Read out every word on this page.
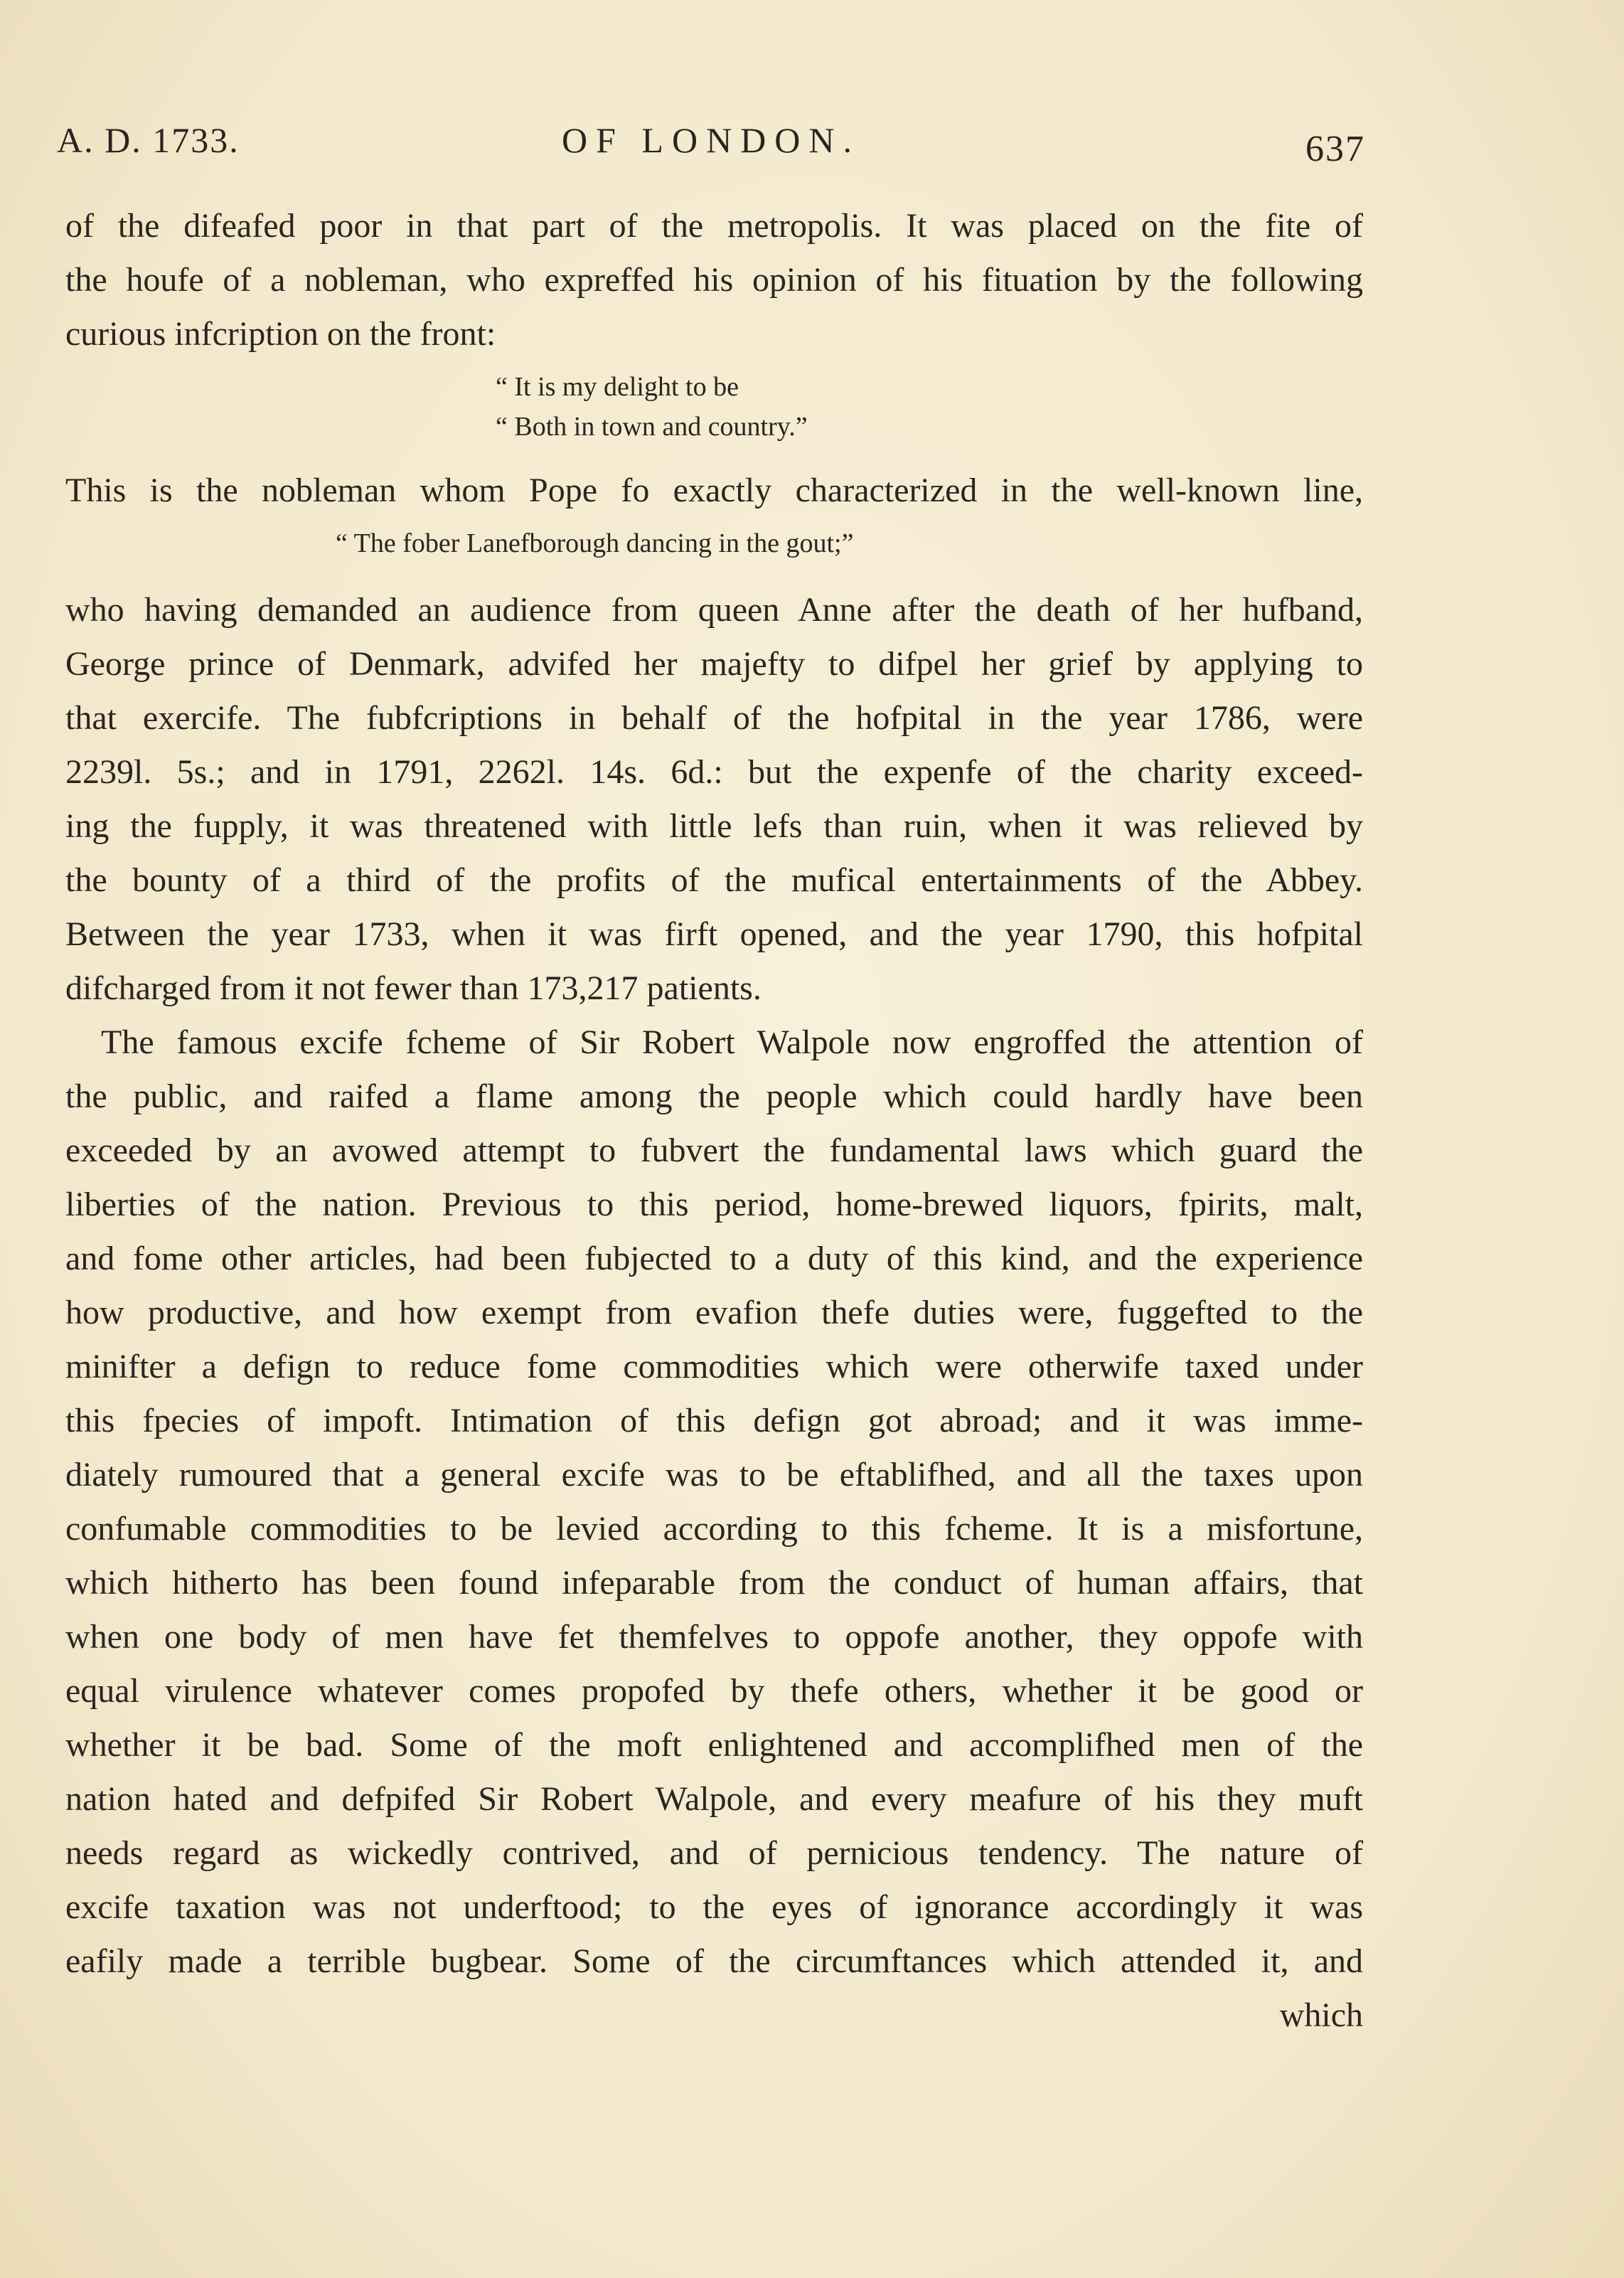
A. D. 1733.	OF LONDON.	637
of the difeafed poor in that part of the metropolis. It was placed on the fite of
the houfe of a nobleman, who expreffed his opinion of his fituation by the following
curious infcription on the front:
“ It is my delight to be
“ Both in town and country.”
This is the nobleman whom Pope fo exactly characterized in the well-known line,
“ The fober Lanefborough dancing in the gout;”
who having demanded an audience from queen Anne after the death of her hufband,
George prince of Denmark, advifed her majefty to difpel her grief by applying to
that exercife. The fubfcriptions in behalf of the hofpital in the year 1786, were
2239l. 5s.; and in 1791, 2262l. 14s. 6d.: but the expenfe of the charity exceed-
ing the fupply, it was threatened with little lefs than ruin, when it was relieved by
the bounty of a third of the profits of the mufical entertainments of the Abbey.
Between the year 1733, when it was firft opened, and the year 1790, this hofpital
difcharged from it not fewer than 173,217 patients.
The famous excife fcheme of Sir Robert Walpole now engroffed the attention of
the public, and raifed a flame among the people which could hardly have been
exceeded by an avowed attempt to fubvert the fundamental laws which guard the
liberties of the nation. Previous to this period, home-brewed liquors, fpirits, malt,
and fome other articles, had been fubjected to a duty of this kind, and the experience
how productive, and how exempt from evafion thefe duties were, fuggefted to the
minifter a defign to reduce fome commodities which were otherwife taxed under
this fpecies of impoft. Intimation of this defign got abroad; and it was imme-
diately rumoured that a general excife was to be eftablifhed, and all the taxes upon
confumable commodities to be levied according to this fcheme. It is a misfortune,
which hitherto has been found infeparable from the conduct of human affairs, that
when one body of men have fet themfelves to oppofe another, they oppofe with
equal virulence whatever comes propofed by thefe others, whether it be good or
whether it be bad. Some of the moft enlightened and accomplifhed men of the
nation hated and defpifed Sir Robert Walpole, and every meafure of his they muft
needs regard as wickedly contrived, and of pernicious tendency. The nature of
excife taxation was not underftood; to the eyes of ignorance accordingly it was
eafily made a terrible bugbear. Some of the circumftances which attended it, and
which
